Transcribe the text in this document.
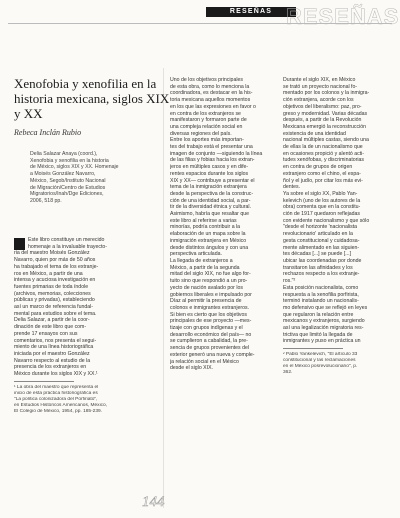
RESEÑAS RESEÑAS
Xenofobia y xenofilia en la historia mexicana, siglos XIX y XX
Rebeca Inclán Rubio
Delia Salazar Anaya (coord.),
Xenofobia y xenofilia en la historia
de México, siglos XIX y XX. Homenaje
a Moisés González Navarro,
México, Segob/Instituto Nacional
de Migración/Centro de Estudios
Migratorios/Inah/Dge Ediciones,
2006, 518 pp.
Este libro constituye un merecido
homenaje a la invaluable trayecto-
ria del maestro Moisés González
Navarro, quien por más de 50 años
ha trabajado el tema de los extranje-
ros en México, a partir de una
intensa y acuciosa investigación en
fuentes primarias de toda índole
(archivos, memorias, colecciones
públicas y privadas), estableciendo
así un marco de referencia fundal-
mental para estudios sobre el tema.
Delia Salazar, a partir de la coor-
dinación de este libro que com-
prende 17 ensayos con sus
comentarios, nos presenta el segui-
miento de una línea historiográfica
iniciada por el maestro González
Navarro respecto al estudio de la
presencia de los extranjeros en
México durante los siglos XIX y XX.¹
¹ La obra del maestro que representa el
inicio de esta práctica historiográfica es
"La política colonizadora del Porfiriato",
en Estudios Históricos Americanos, México,
El Colegio de México, 1954, pp. 185-239.
Uno de los objetivos principales
de esta obra, como lo menciona la
coordinadora, es destacar en la his-
toria mexicana aquellos momentos
en los que las expresiones en favor o
en contra de los extranjeros se
manifestaron y formaron parte de
una compleja relación social en
diversas regiones del país.
Entre los aportes más importan-
tes del trabajo está el presentar una
imagen de conjunto —siguiendo la línea
de las filias y fobias hacia los extran-
jeros en múltiples casos y en dife-
rentes espacios durante los siglos
XIX y XX— contribuye a presentar el
tema de la inmigración extranjera
desde la perspectiva de la construc-
ción de una identidad social, a par-
tir de la diversidad étnica y cultural.
Asimismo, habría que resaltar que
este libro al referirse a varias
minorías, podría contribuir a la
elaboración de un mapa sobre la
inmigración extranjera en México
desde distintos ángulos y con una
perspectiva articulada.
La llegada de extranjeros a
México, a partir de la segunda
mitad del siglo XIX, no fue algo for-
tuito sino que respondió a un pro-
yecto de nación avalado por los
gobiernos liberales e impulsado por
Díaz al permitir la presencia de
colonos e inmigrantes extranjeros.
Si bien es cierto que los objetivos
principales de ese proyecto —mes-
tizaje con grupos indígenas y el
desarrollo económico del país— no
se cumplieron a cabalidad, la pre-
sencia de grupos provenientes del
exterior generó una nueva y comple-
ja relación social en el México
desde el siglo XIX.
Durante el siglo XIX, en México
se trató un proyecto nacional fo-
mentado por los colonos y la inmigra-
ción extranjera, acorde con los
objetivos del liberalismo: paz, pro-
greso y modernidad. Varias décadas
después, a partir de la Revolución
Mexicana emergió la reconstrucción
existencia de una identidad
nacional múltiples castas, siendo una
de ellas la de un nacionalismo que
en ocasiones propició y alentó acti-
tudes xenófobas, y discriminatorias
en contra de grupos de origen
extranjero como el chino, el espa-
ñol y el judío, por citar los más evi-
dentes.
Ya sobre el siglo XX, Pablo Yan-
kelevich (uno de los autores de la
obra) comenta que en la constitu-
ción de 1917 quedaron reflejadas
con evidente nacionalismo y que sólo
"desde el horizonte 'nacionalista
revolucionario' articulado en la
gesta constitucional y cuidadosa-
mente alimentado en las siguien-
tes décadas [...] se puede [...]
ubicar las coordenadas por donde
transitaron las afinidades y los
rechazos respecto a los extranje-
ros."²
Esta posición nacionalista, como
respuesta a la xenofilia porfirista,
terminó instalando un nacionalis-
mo defensivo que se reflejó en leyes
que regularon la relación entre
mexicanos y extranjeros, surgiendo
así una legalización migratoria res-
trictiva que limitó la llegada de
inmigrantes y puso en práctica un
² Pablo Yankelevich, "El artículo 33
constitucional y las reclamaciones
en el México posrevolucionario", p.
362.
144
